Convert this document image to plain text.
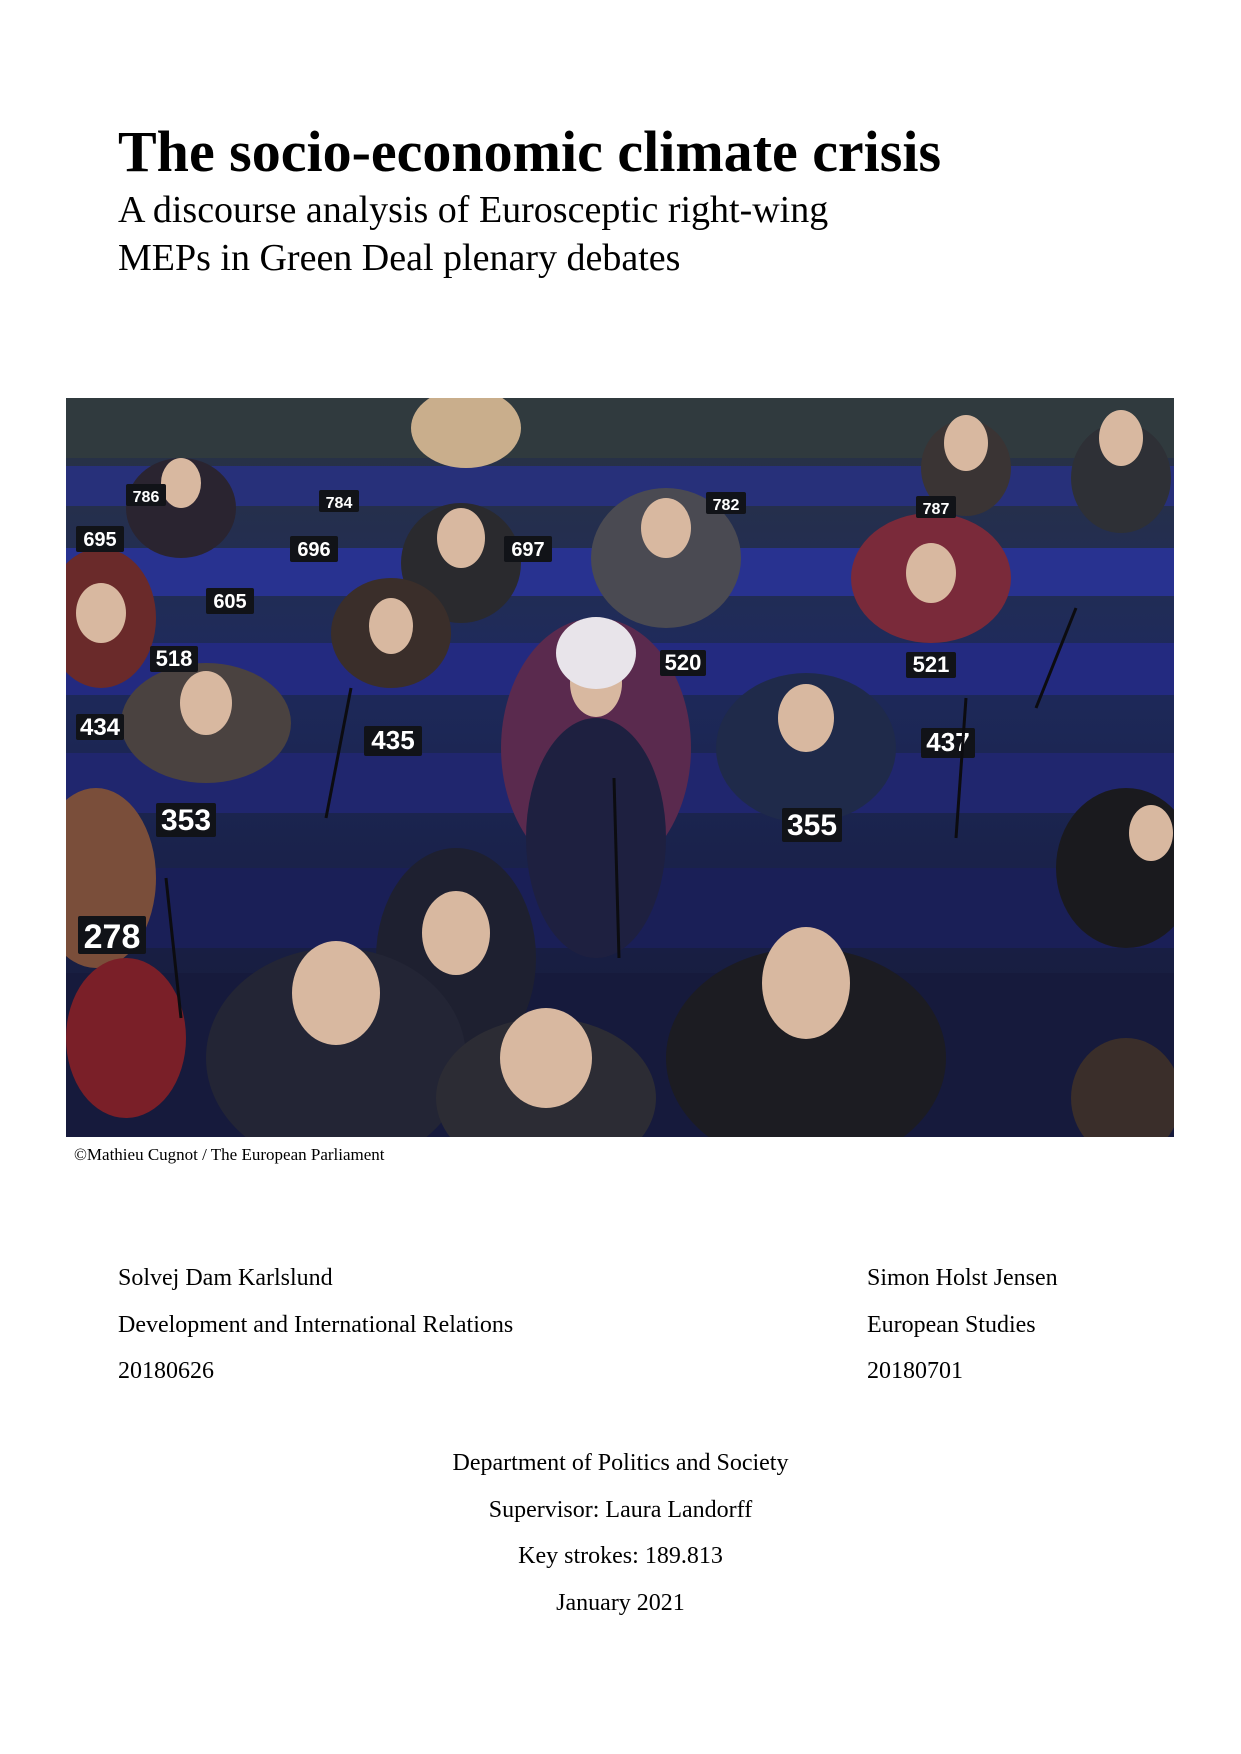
The socio-economic climate crisis
A discourse analysis of Eurosceptic right-wing
MEPs in Green Deal plenary debates
695	696	697
605
518
434	435
353
278
355
437
521
520
786
787
784	782
©Mathieu Cugnot / The European Parliament
Solvej Dam Karlslund
Development and International Relations
20180626
Simon Holst Jensen
European Studies
20180701
Department of Politics and Society
Supervisor: Laura Landorff
Key strokes: 189.813
January 2021
